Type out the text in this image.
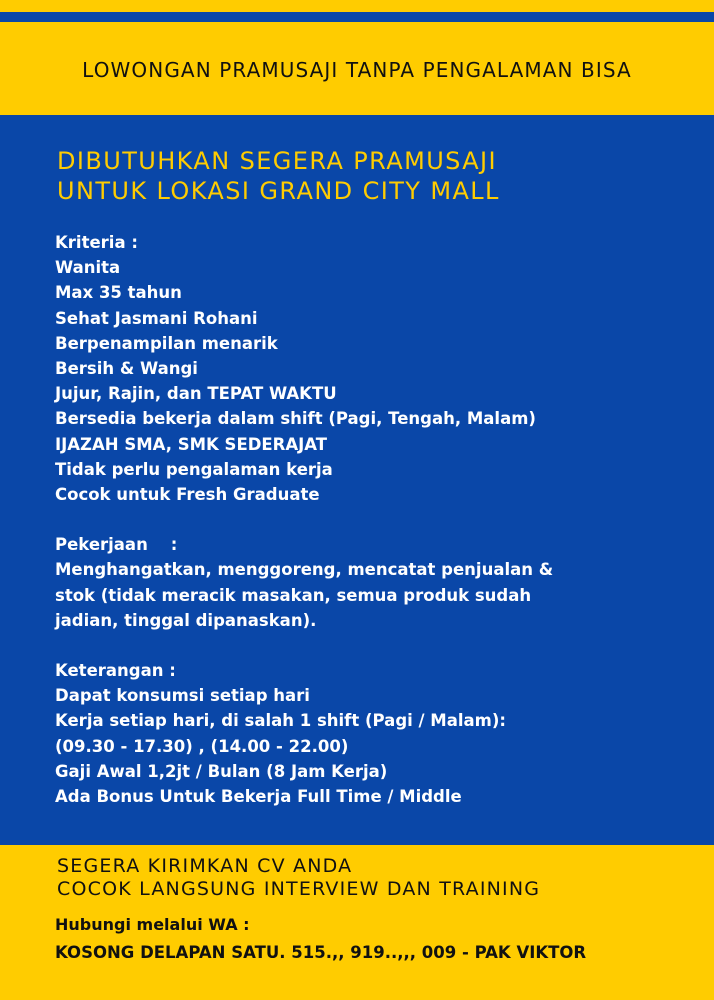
LOWONGAN PRAMUSAJI TANPA PENGALAMAN BISA
DIBUTUHKAN SEGERA PRAMUSAJI
UNTUK LOKASI GRAND CITY MALL
Kriteria :
Wanita
Max 35 tahun
Sehat Jasmani Rohani
Berpenampilan menarik
Bersih & Wangi
Jujur, Rajin, dan TEPAT WAKTU
Bersedia bekerja dalam shift (Pagi, Tengah, Malam)
IJAZAH SMA, SMK SEDERAJAT
Tidak perlu pengalaman kerja
Cocok untuk Fresh Graduate
Pekerjaan    :
Menghangatkan, menggoreng, mencatat penjualan &
stok (tidak meracik masakan, semua produk sudah
jadian, tinggal dipanaskan).
Keterangan :
Dapat konsumsi setiap hari
Kerja setiap hari, di salah 1 shift (Pagi / Malam):
(09.30 - 17.30) , (14.00 - 22.00)
Gaji Awal 1,2jt / Bulan (8 Jam Kerja)
Ada Bonus Untuk Bekerja Full Time / Middle
SEGERA KIRIMKAN CV ANDA
COCOK LANGSUNG INTERVIEW DAN TRAINING
Hubungi melalui WA :
KOSONG DELAPAN SATU. 515.,, 919..,,, 009 - PAK VIKTOR
